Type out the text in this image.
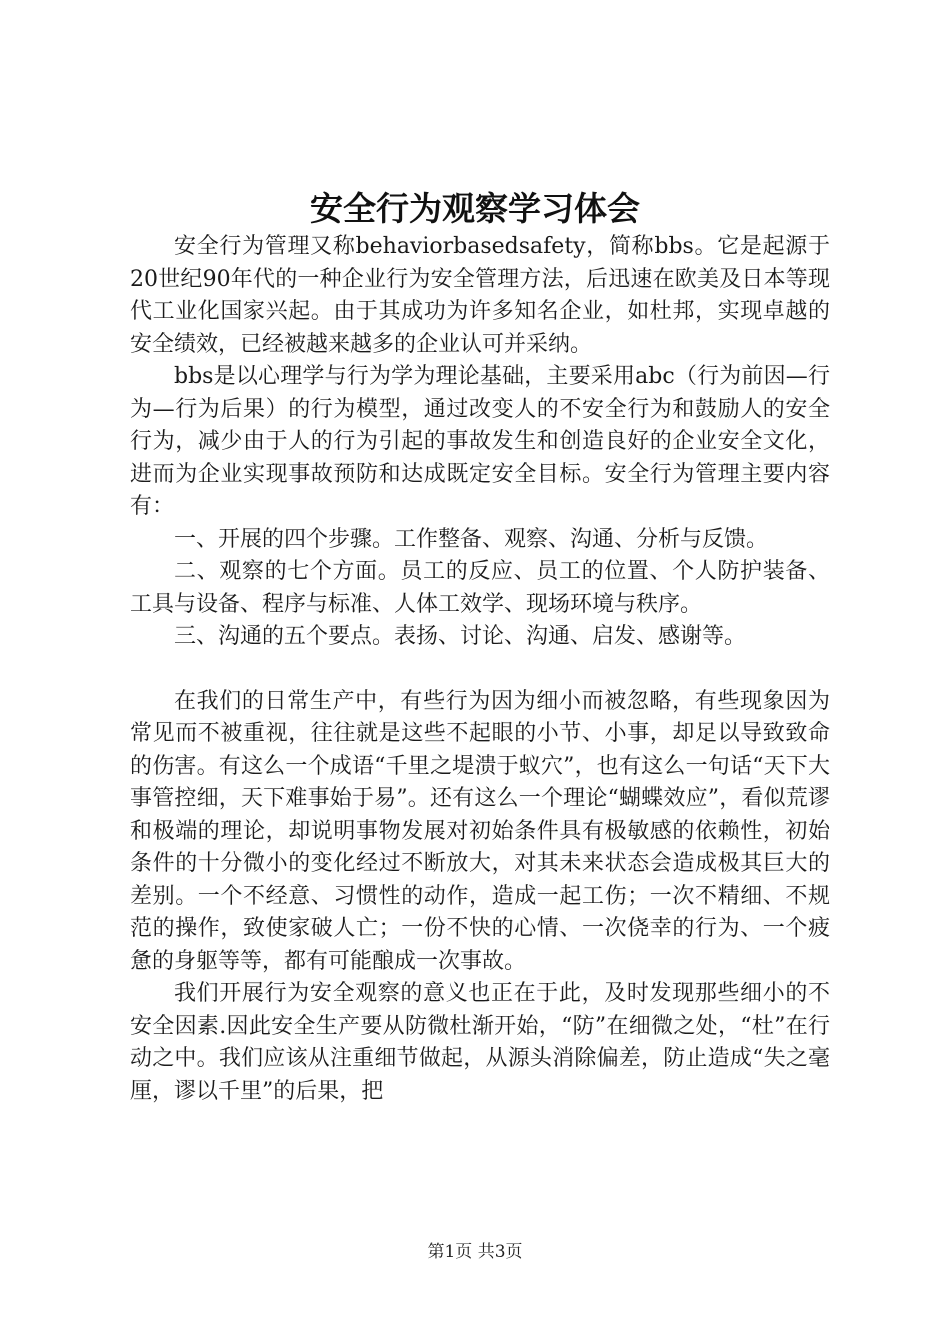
安全行为观察学习体会

安全行为管理又称behaviorbasedsafety，简称bbs。它是起源于20世纪90年代的一种企业行为安全管理方法，后迅速在欧美及日本等现代工业化国家兴起。由于其成功为许多知名企业，如杜邦，实现卓越的安全绩效，已经被越来越多的企业认可并采纳。

bbs是以心理学与行为学为理论基础，主要采用abc（行为前因—行为—行为后果）的行为模型，通过改变人的不安全行为和鼓励人的安全行为，减少由于人的行为引起的事故发生和创造良好的企业安全文化，进而为企业实现事故预防和达成既定安全目标。安全行为管理主要内容有：

一、开展的四个步骤。工作整备、观察、沟通、分析与反馈。

二、观察的七个方面。员工的反应、员工的位置、个人防护装备、工具与设备、程序与标准、人体工效学、现场环境与秩序。

三、沟通的五个要点。表扬、讨论、沟通、启发、感谢等。

在我们的日常生产中，有些行为因为细小而被忽略，有些现象因为常见而不被重视，往往就是这些不起眼的小节、小事，却足以导致致命的伤害。有这么一个成语“千里之堤溃于蚁穴”，也有这么一句话“天下大事管控细，天下难事始于易”。还有这么一个理论“蝴蝶效应”，看似荒谬和极端的理论，却说明事物发展对初始条件具有极敏感的依赖性，初始条件的十分微小的变化经过不断放大，对其未来状态会造成极其巨大的差别。一个不经意、习惯性的动作，造成一起工伤；一次不精细、不规范的操作，致使家破人亡；一份不快的心情、一次侥幸的行为、一个疲惫的身躯等等，都有可能酿成一次事故。

我们开展行为安全观察的意义也正在于此，及时发现那些细小的不安全因素.因此安全生产要从防微杜渐开始，“防”在细微之处，“杜”在行动之中。我们应该从注重细节做起，从源头消除偏差，防止造成“失之毫厘，谬以千里”的后果，把

第1页 共3页
